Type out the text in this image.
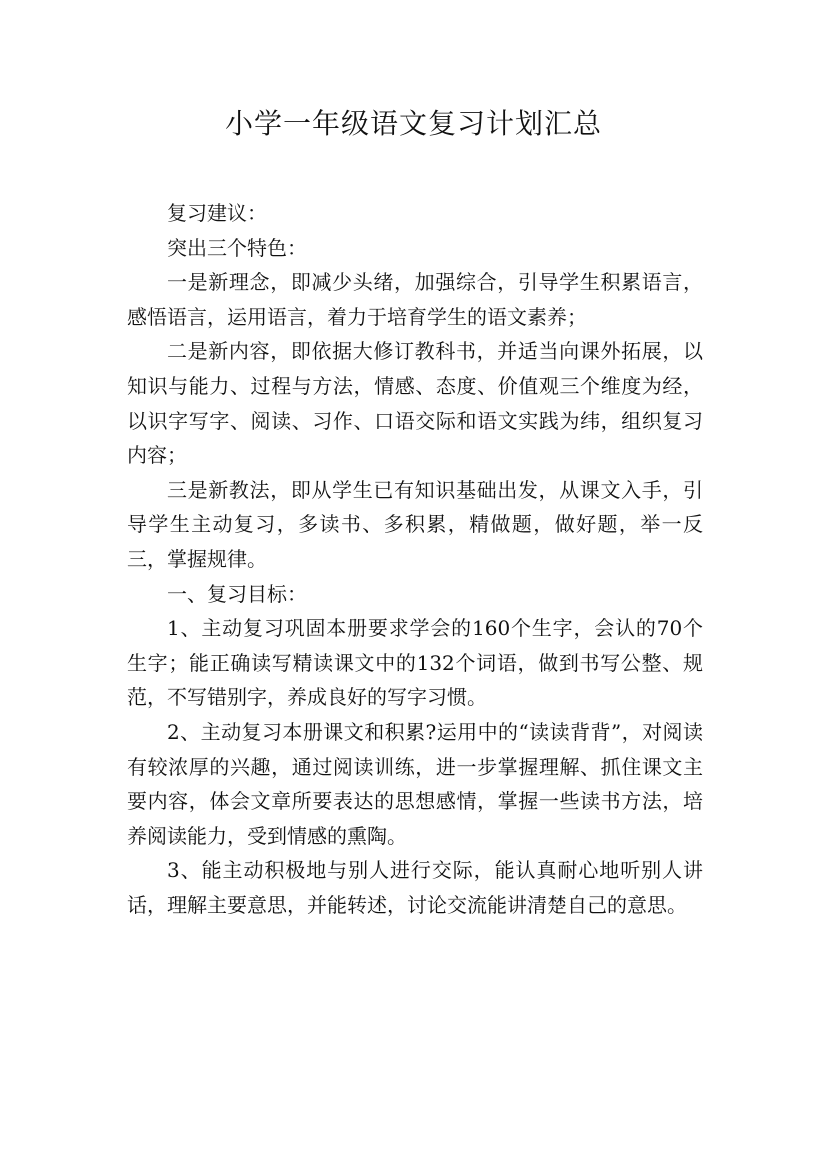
小学一年级语文复习计划汇总

复习建议：

突出三个特色：

一是新理念，即减少头绪，加强综合，引导学生积累语言，感悟语言，运用语言，着力于培育学生的语文素养；

二是新内容，即依据大修订教科书，并适当向课外拓展，以知识与能力、过程与方法，情感、态度、价值观三个维度为经，以识字写字、阅读、习作、口语交际和语文实践为纬，组织复习内容；

三是新教法，即从学生已有知识基础出发，从课文入手，引导学生主动复习，多读书、多积累，精做题，做好题，举一反三，掌握规律。

一、复习目标：

1、主动复习巩固本册要求学会的160个生字，会认的70个生字；能正确读写精读课文中的132个词语，做到书写公整、规范，不写错别字，养成良好的写字习惯。

2、主动复习本册课文和积累?运用中的“读读背背”，对阅读有较浓厚的兴趣，通过阅读训练，进一步掌握理解、抓住课文主要内容，体会文章所要表达的思想感情，掌握一些读书方法，培养阅读能力，受到情感的熏陶。

3、能主动积极地与别人进行交际，能认真耐心地听别人讲话，理解主要意思，并能转述，讨论交流能讲清楚自己的意思。
